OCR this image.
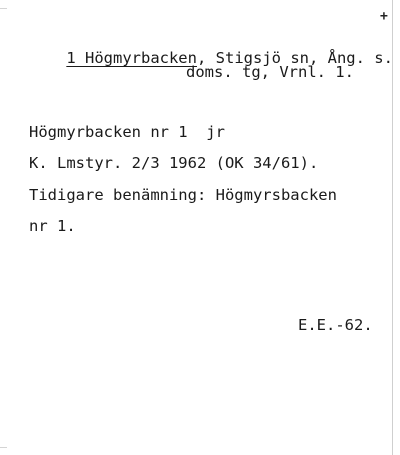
+

1 Högmyrbacken, Stigsjö sn, Ång. s.

doms. tg, Vrnl. 1.
Högmyrbacken nr 1  jr
K. Lmstyr. 2/3 1962 (OK 34/61).
Tidigare benämning: Högmyrsbacken
nr 1.
E.E.-62.
